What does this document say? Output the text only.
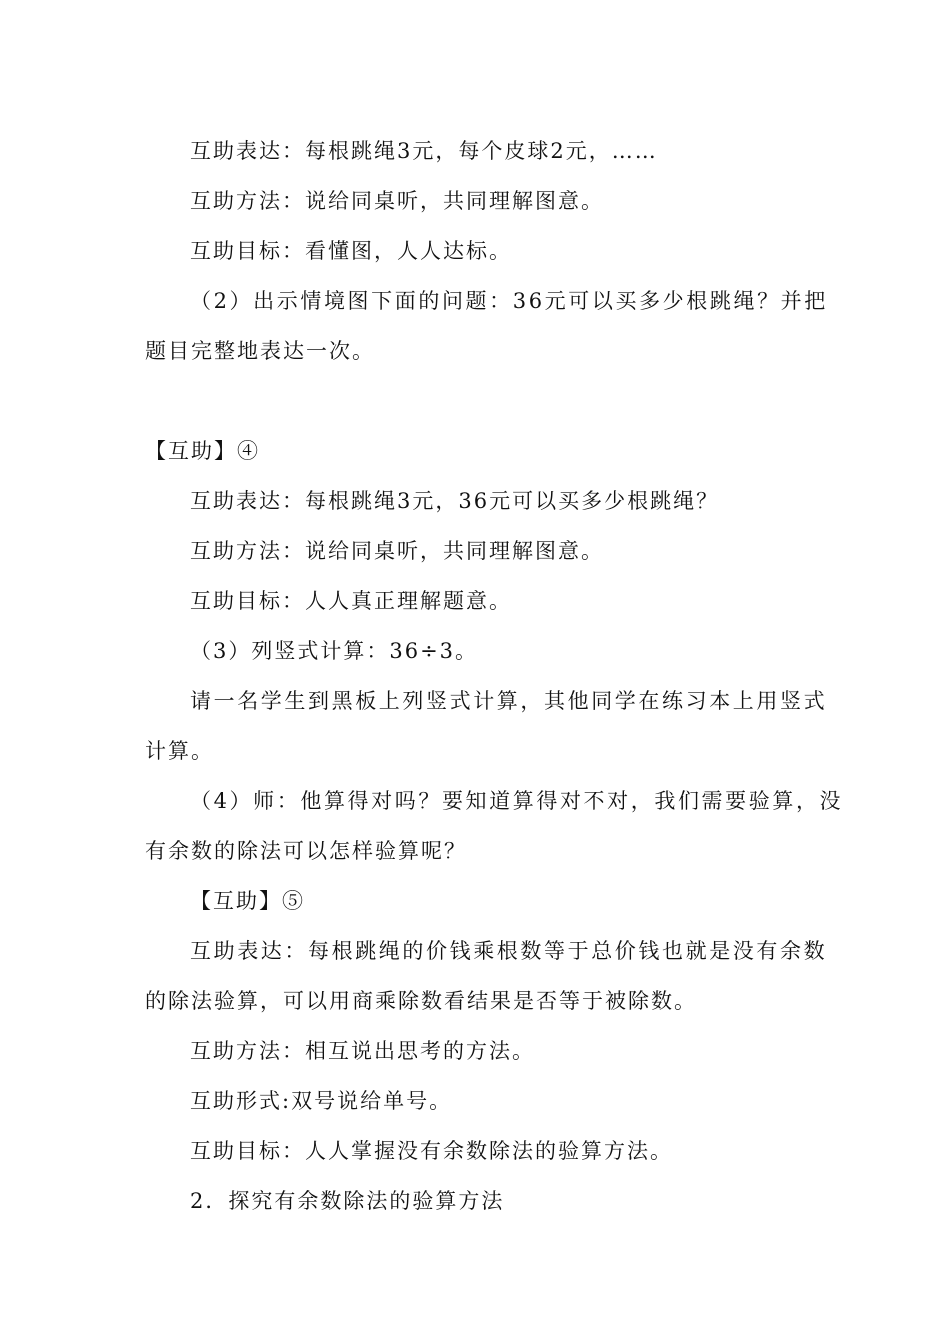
互助表达：每根跳绳3元，每个皮球2元，……
互助方法：说给同桌听，共同理解图意。
互助目标：看懂图，人人达标。
（2）出示情境图下面的问题：36元可以买多少根跳绳？并把
题目完整地表达一次。
【互助】④
互助表达：每根跳绳3元，36元可以买多少根跳绳？
互助方法：说给同桌听，共同理解图意。
互助目标：人人真正理解题意。
（3）列竖式计算：36÷3。
请一名学生到黑板上列竖式计算，其他同学在练习本上用竖式
计算。
（4）师：他算得对吗？要知道算得对不对，我们需要验算，没
有余数的除法可以怎样验算呢？
【互助】⑤
互助表达：每根跳绳的价钱乘根数等于总价钱也就是没有余数
的除法验算，可以用商乘除数看结果是否等于被除数。
互助方法：相互说出思考的方法。
互助形式:双号说给单号。
互助目标：人人掌握没有余数除法的验算方法。
2．探究有余数除法的验算方法
